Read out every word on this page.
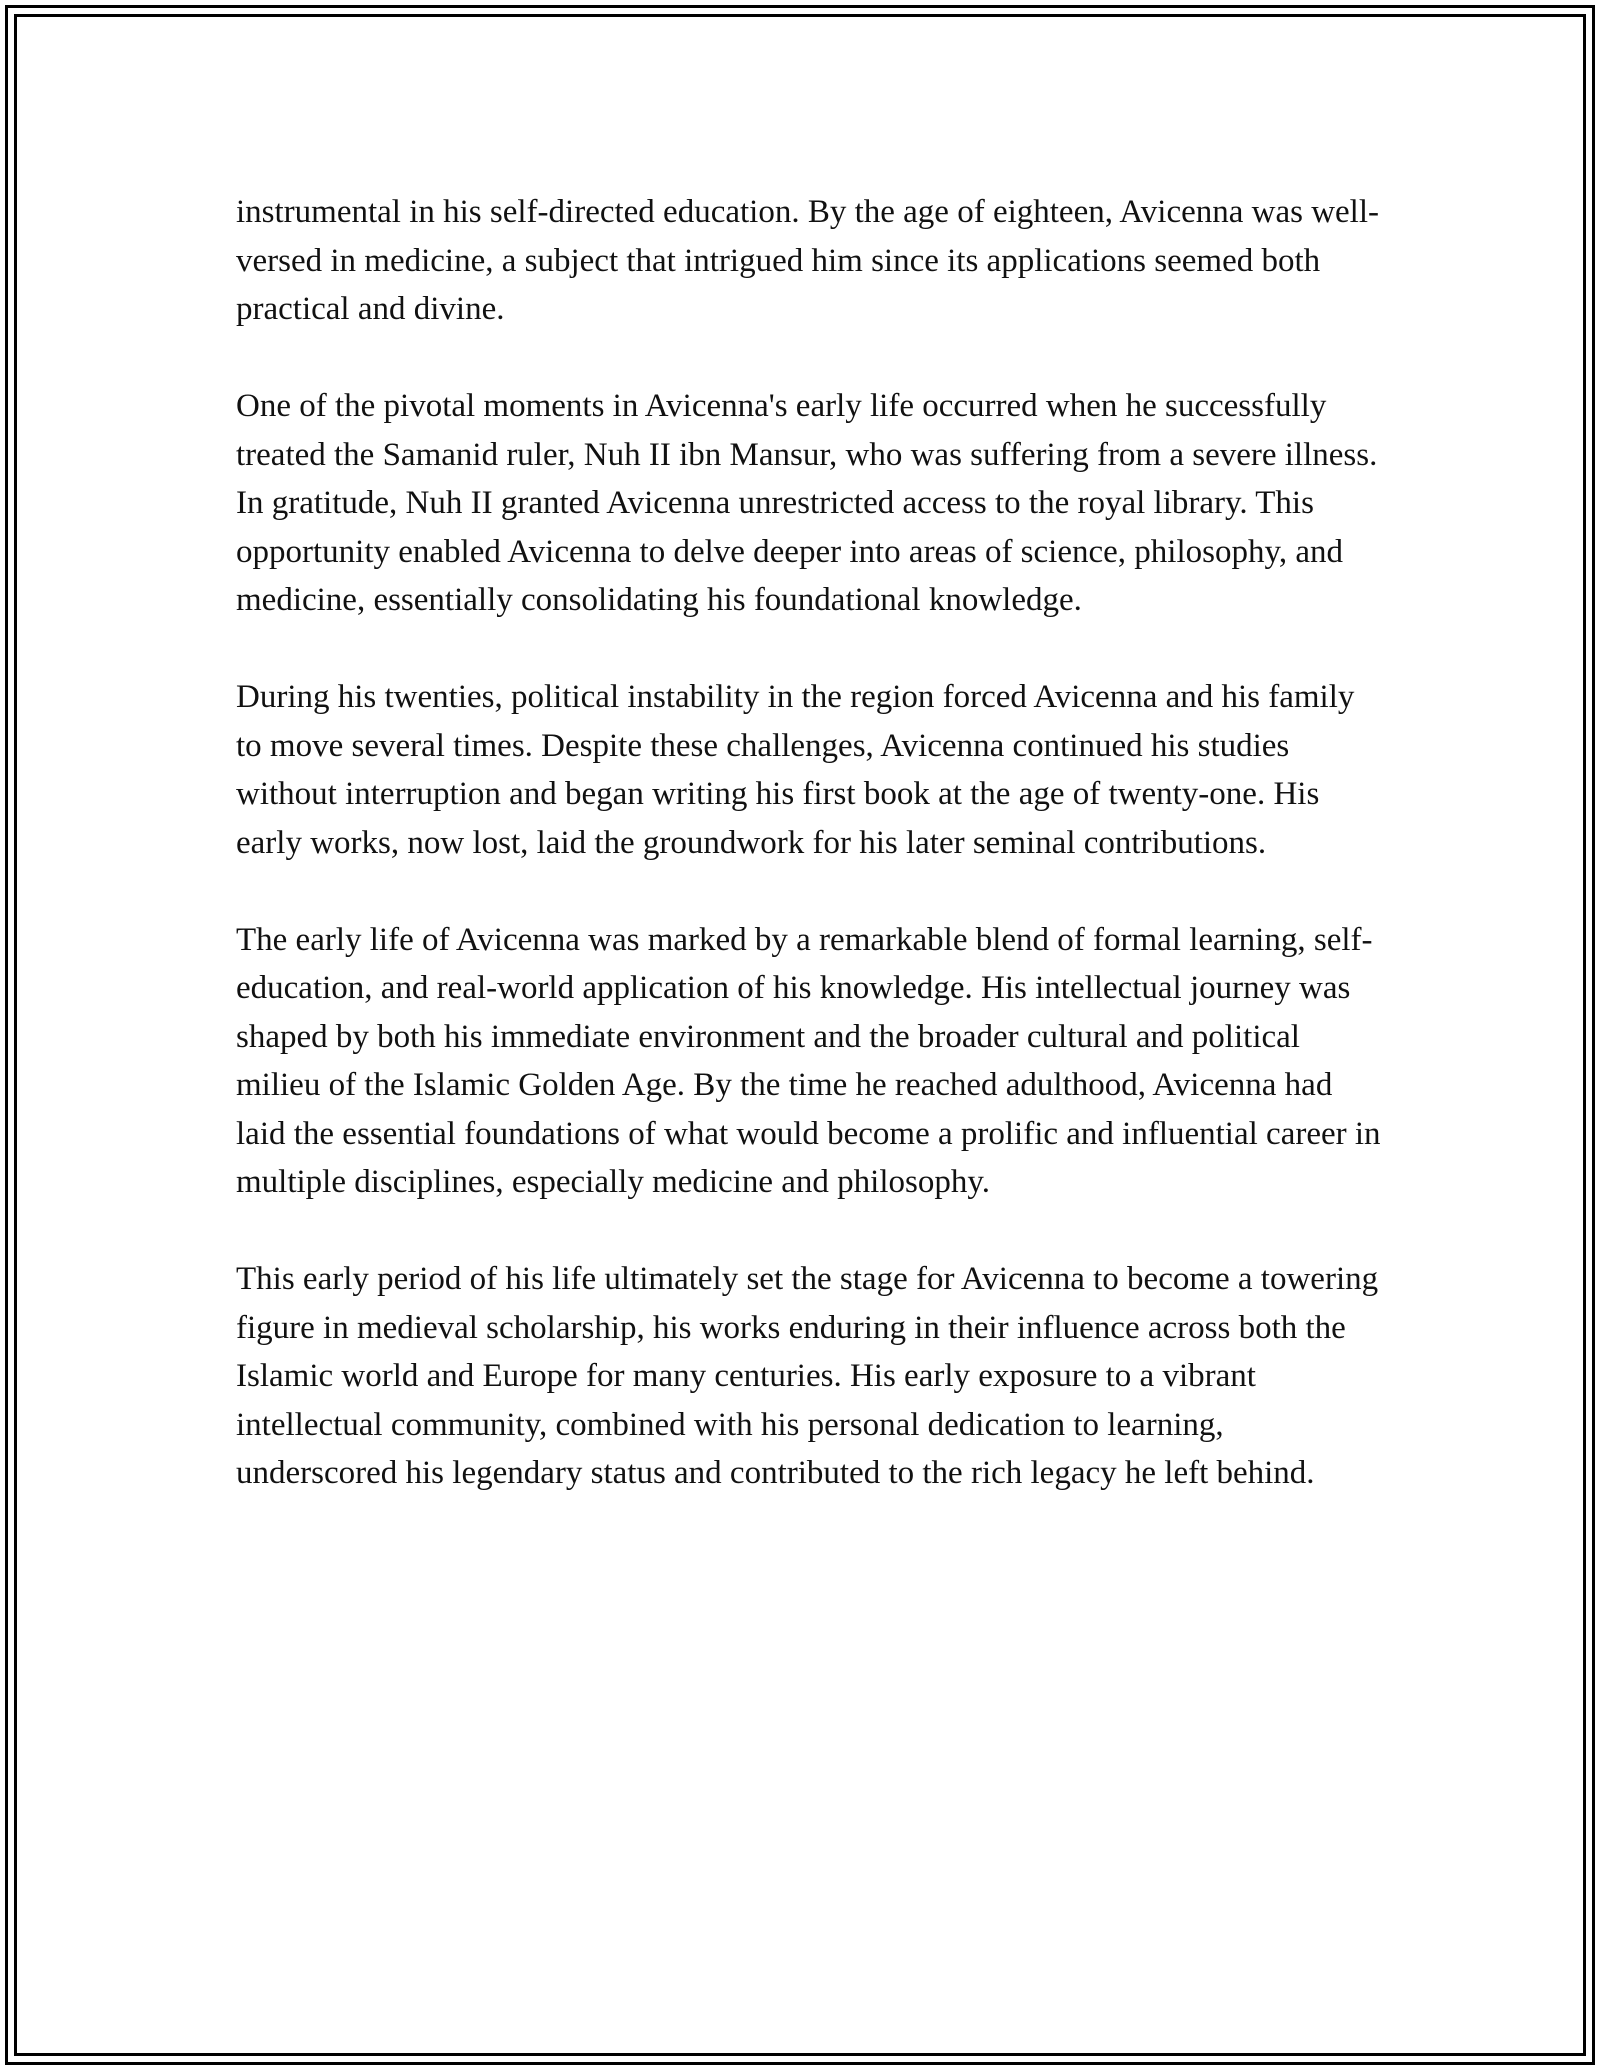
instrumental in his self-directed education. By the age of eighteen, Avicenna was well-versed in medicine, a subject that intrigued him since its applications seemed both practical and divine.

One of the pivotal moments in Avicenna's early life occurred when he successfully treated the Samanid ruler, Nuh II ibn Mansur, who was suffering from a severe illness. In gratitude, Nuh II granted Avicenna unrestricted access to the royal library. This opportunity enabled Avicenna to delve deeper into areas of science, philosophy, and medicine, essentially consolidating his foundational knowledge.

During his twenties, political instability in the region forced Avicenna and his family to move several times. Despite these challenges, Avicenna continued his studies without interruption and began writing his first book at the age of twenty-one. His early works, now lost, laid the groundwork for his later seminal contributions.

The early life of Avicenna was marked by a remarkable blend of formal learning, self-education, and real-world application of his knowledge. His intellectual journey was shaped by both his immediate environment and the broader cultural and political milieu of the Islamic Golden Age. By the time he reached adulthood, Avicenna had laid the essential foundations of what would become a prolific and influential career in multiple disciplines, especially medicine and philosophy.

This early period of his life ultimately set the stage for Avicenna to become a towering figure in medieval scholarship, his works enduring in their influence across both the Islamic world and Europe for many centuries. His early exposure to a vibrant intellectual community, combined with his personal dedication to learning, underscored his legendary status and contributed to the rich legacy he left behind.
